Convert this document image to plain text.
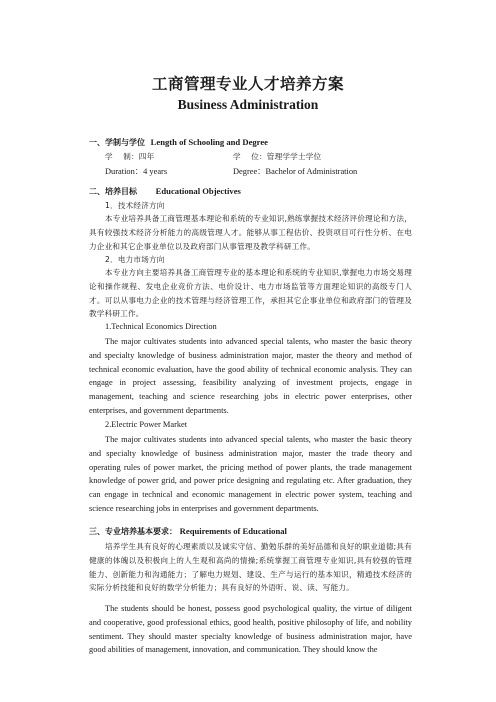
工商管理专业人才培养方案
Business Administration
一、学制与学位 Length of Schooling and Degree
学　 制：四年	学　 位：管理学学士学位
Duration：4 years	Degree：Bachelor of Administration
二、培养目标 Educational Objectives
1．技术经济方向

本专业培养具备工商管理基本理论和系统的专业知识,熟练掌握技术经济评价理论和方法，具有较强技术经济分析能力的高级管理人才。能够从事工程估价、投资项目可行性分析、在电力企业和其它企事业单位以及政府部门从事管理及教学科研工作。

2．电力市场方向

本专业方向主要培养具备工商管理专业的基本理论和系统的专业知识,掌握电力市场交易理论和操作规程、发电企业竞价方法、电价设计、电力市场监管等方面理论知识的高级专门人才。可以从事电力企业的技术管理与经济管理工作，承担其它企事业单位和政府部门的管理及教学科研工作。

1.Technical Economics Direction

The major cultivates students into advanced special talents, who master the basic theory and specialty knowledge of business administration major, master the theory and method of technical economic evaluation, have the good ability of technical economic analysis. They can engage in project assessing, feasibility analyzing of investment projects, engage in management, teaching and science researching jobs in electric power enterprises, other enterprises, and government departments.

2.Electric Power Market

The major cultivates students into advanced special talents, who master the basic theory and specialty knowledge of business administration major, master the trade theory and operating rules of power market, the pricing method of power plants, the trade management knowledge of power grid, and power price designing and regulating etc. After graduation, they can engage in technical and economic management in electric power system, teaching and science researching jobs in enterprises and government departments.

三、专业培养基本要求： Requirements of Educational

培养学生具有良好的心理素质以及诚实守信、勤勉乐群的美好品德和良好的职业道德;具有健康的体魄以及积极向上的人生观和高尚的情操;系统掌握工商管理专业知识,具有较强的管理能力、创新能力和沟通能力；了解电力规划、建设、生产与运行的基本知识，精通技术经济的实际分析技能和良好的数学分析能力；具有良好的外语听、说、读、写能力。

The students should be honest, possess good psychological quality, the virtue of diligent and cooperative, good professional ethics, good health, positive philosophy of life, and nobility sentiment. They should master specialty knowledge of business administration major, have good abilities of management, innovation, and communication. They should know the
